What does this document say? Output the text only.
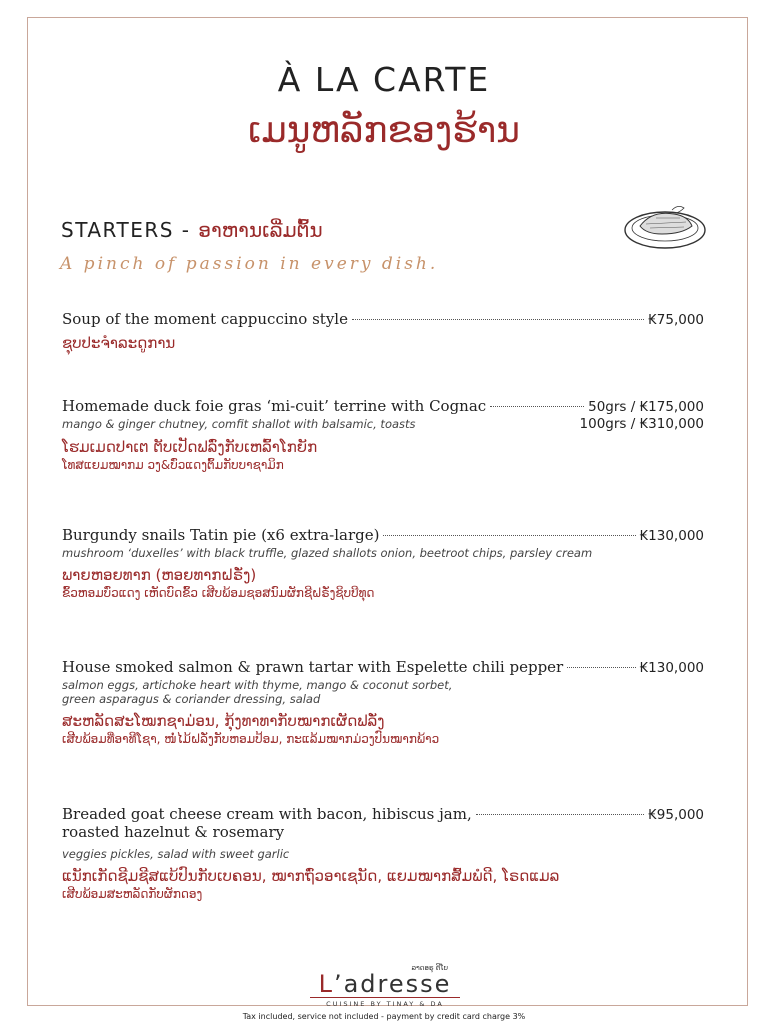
À LA CARTE
ເມນູຫລັກຂອງຮ້ານ
STARTERS - ອາຫານເລີ່ມຕົ້ນ
A pinch of passion in every dish.
Soup of the moment cappuccino style	₭75,000
ຊຸບປະຈໍາລະດູການ
Homemade duck foie gras ‘mi-cuit’ terrine with Cognac	50grs / ₭175,000
mango & ginger chutney, comfit shallot with balsamic, toasts	100grs / ₭310,000
ໂຮມເມດປາເຕ ຕັບເປັດຟລົ່ງກັບເຫລົ້າໂກຍັກ
ໂທສແຍມໝາກມ ວງ&ບົ່ວແດງຕົ້ມກັບບາຊາມິກ
Burgundy snails Tatin pie (x6 extra-large)	₭130,000
mushroom ‘duxelles’ with black truffle, glazed shallots onion, beetroot chips, parsley cream
ພາຍຫອຍທາກ (ຫອຍທາກຝຣັ່ງ)
ຂົ້ວຫອມບົ່ວແດງ ເຫັດບົດຂົ້ວ ເສີບພ້ອມຊອສນົມຜັກຊີຝຣັ່ງຊິບບີທຸດ
House smoked salmon & prawn tartar with Espelette chili pepper	₭130,000
salmon eggs, artichoke heart with thyme, mango & coconut sorbet,
green asparagus & coriander dressing, salad
ສະຫລັດສະໂໝກຊາມ່ອນ, ກຸ້ງທາທາກັບໝາກເຜັດຟລັ່ງ
ເສີບພ້ອມທີ່ອາທີໂຊາ, ໜໍ່ໄມ້ຝລັ່ງກັບຫອມປ້ອມ, ກະແລ້ມໝາກມ່ວງປົນໝາກພ້າວ
Breaded goat cheese cream with bacon, hibiscus jam,	₭95,000
roasted hazelnut & rosemary
veggies pickles, salad with sweet garlic
ແນັກເກັດຊີມຊີສແບ້ປົນກັບເບຄອນ, ໝາກຖົ່ວອາເຊນັດ, ແຍມໝາກສົ້ມພໍດີ, ໂຣດແມລ
ເສີບພ້ອມສະຫລັດກັບຜັກດອງ
ລາດອຣຸ ຕີໂບ
L’adresse
CUISINE BY TINAY & DA
Tax included, service not included - payment by credit card charge 3%
